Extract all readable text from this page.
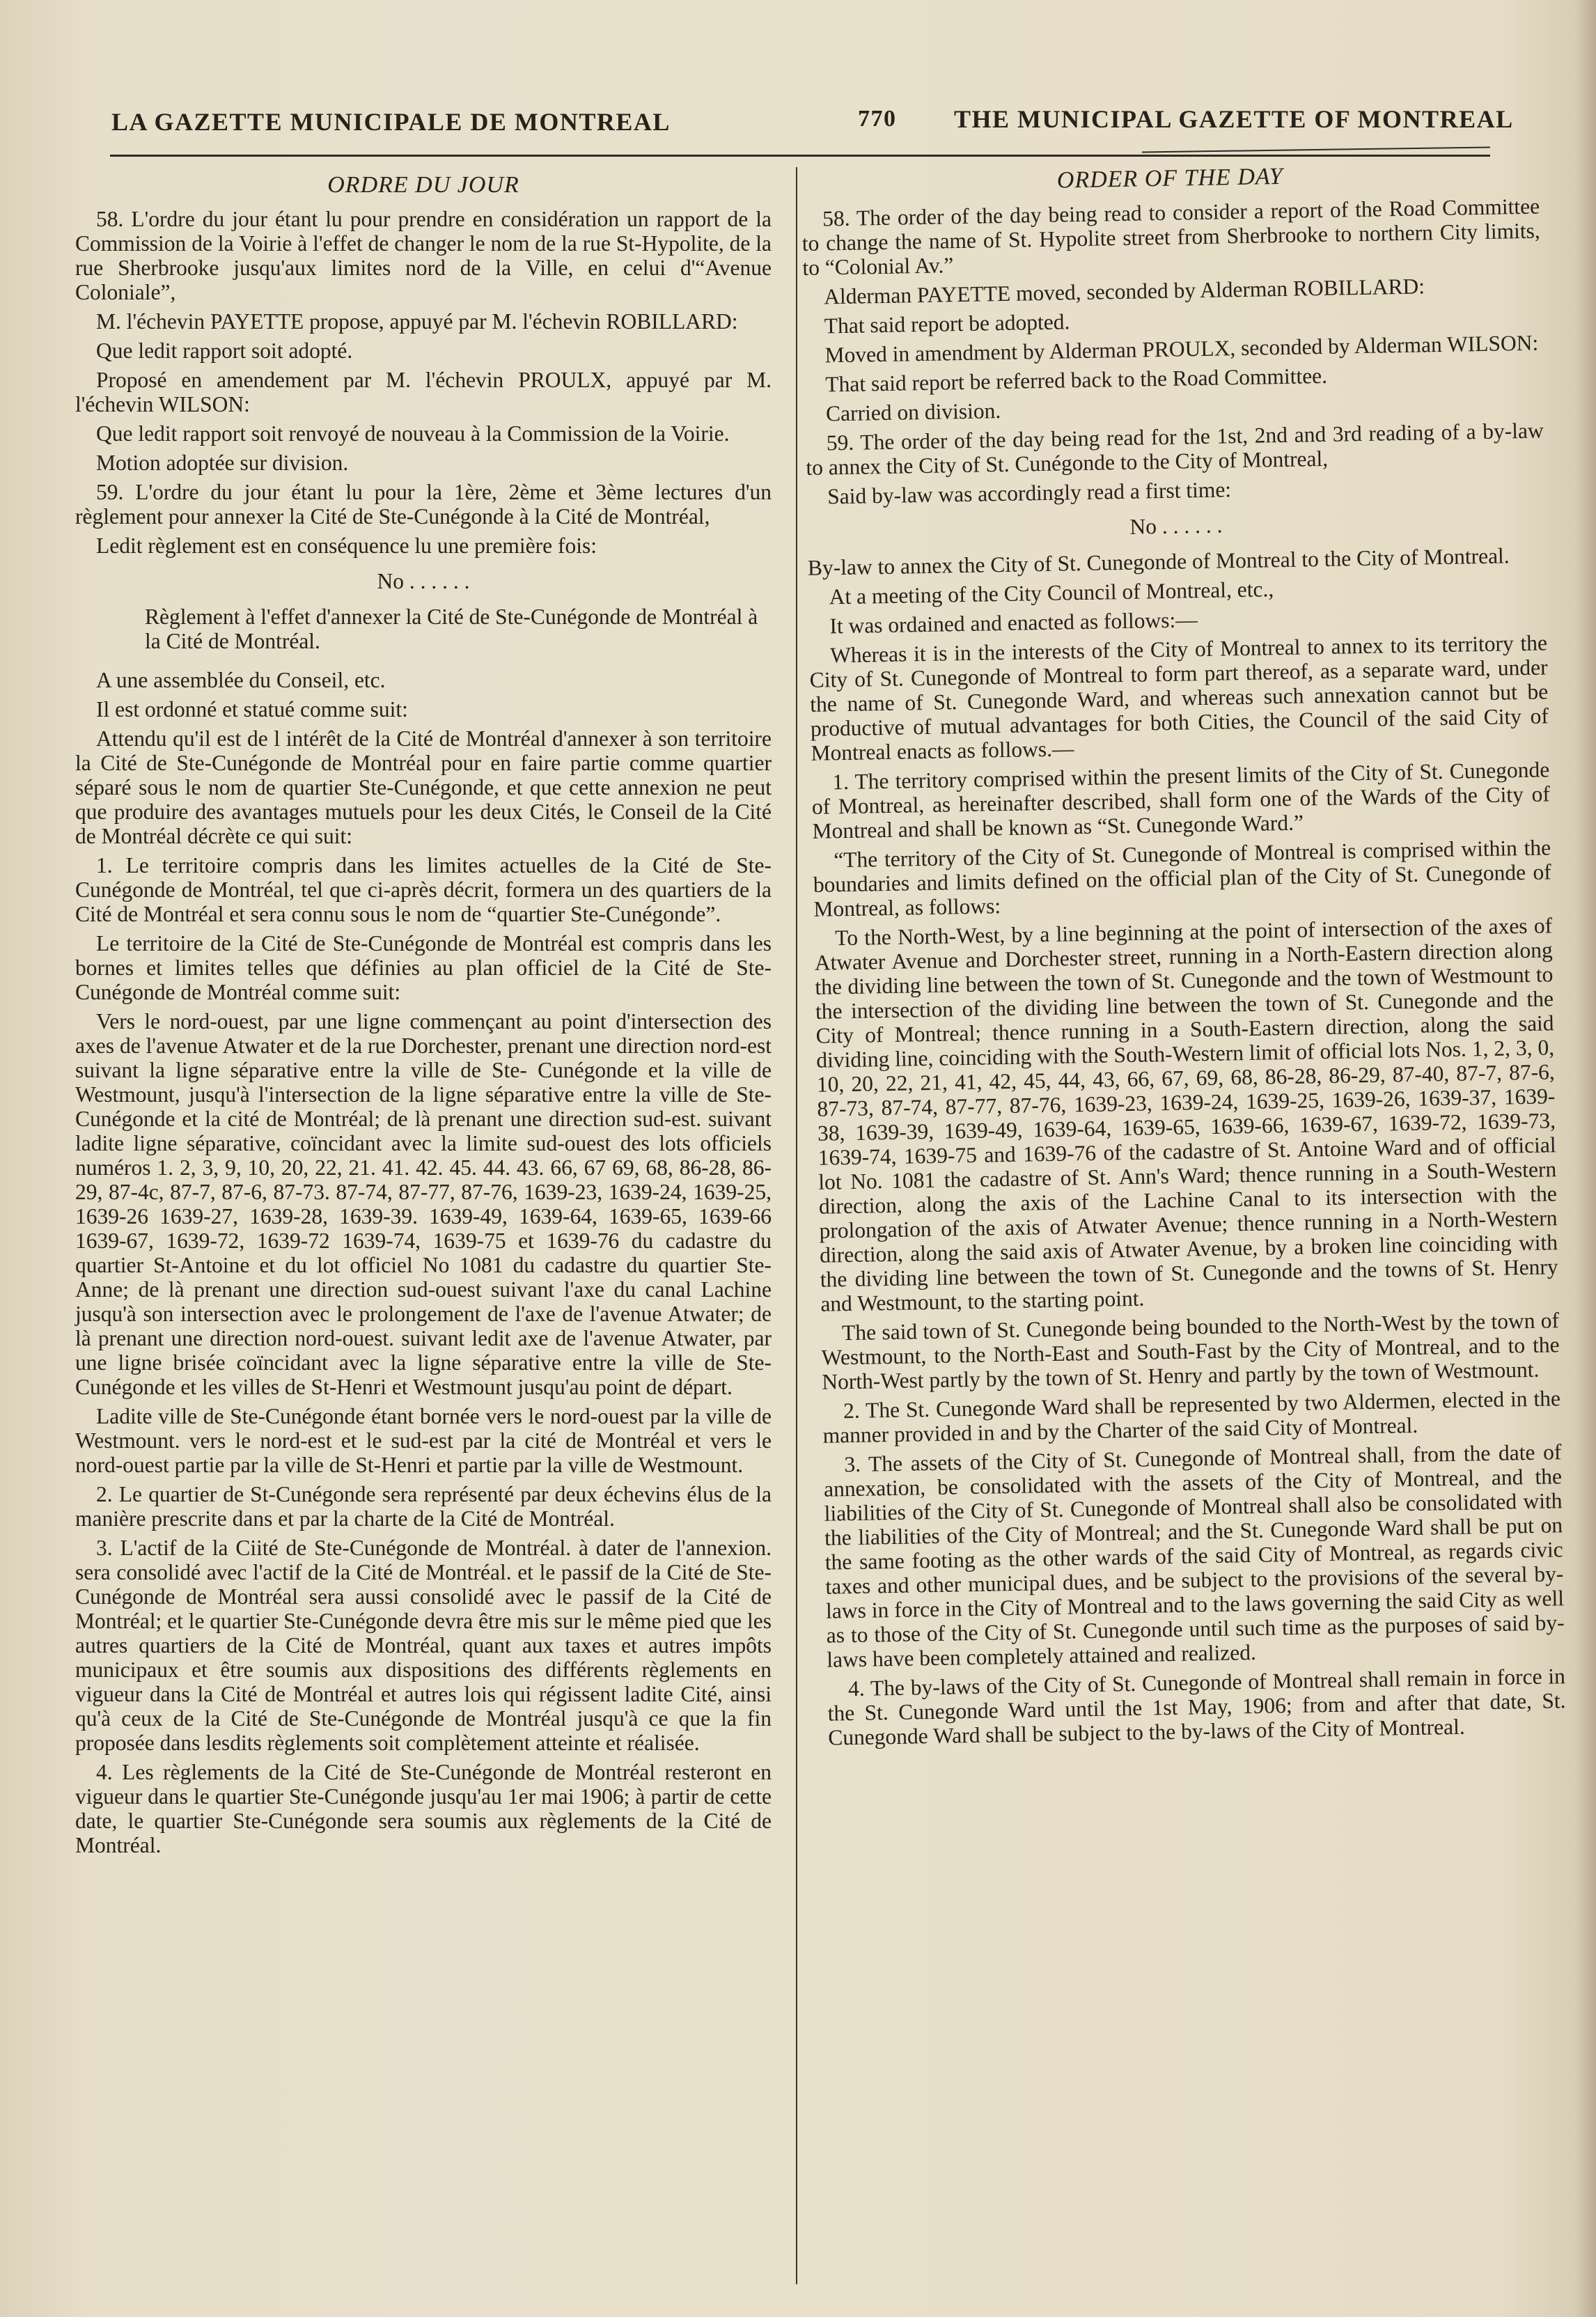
LA GAZETTE MUNICIPALE DE MONTREAL	770 THE MUNICIPAL GAZETTE OF MONTREAL
ORDRE DU JOUR

58. L'ordre du jour étant lu pour prendre en considération un rapport de la Commission de la Voirie à l'effet de changer le nom de la rue St-Hypolite, de la rue Sherbrooke jusqu'aux limites nord de la Ville, en celui d'“Avenue Coloniale”,

M. l'échevin PAYETTE propose, appuyé par M. l'échevin ROBILLARD:

Que ledit rapport soit adopté.

Proposé en amendement par M. l'échevin PROULX, appuyé par M. l'échevin WILSON:

Que ledit rapport soit renvoyé de nouveau à la Commission de la Voirie.

Motion adoptée sur division.

59. L'ordre du jour étant lu pour la 1ère, 2ème et 3ème lectures d'un règlement pour annexer la Cité de Ste-Cunégonde à la Cité de Montréal,

Ledit règlement est en conséquence lu une première fois:

No . . . . . .

Règlement à l'effet d'annexer la Cité de Ste-Cunégonde de Montréal à la Cité de Montréal.

A une assemblée du Conseil, etc.

Il est ordonné et statué comme suit:

Attendu qu'il est de l intérêt de la Cité de Montréal d'annexer à son territoire la Cité de Ste-Cunégonde de Montréal pour en faire partie comme quartier séparé sous le nom de quartier Ste-Cunégonde, et que cette annexion ne peut que produire des avantages mutuels pour les deux Cités, le Conseil de la Cité de Montréal décrète ce qui suit:

1. Le territoire compris dans les limites actuelles de la Cité de Ste-Cunégonde de Montréal, tel que ci-après décrit, formera un des quartiers de la Cité de Montréal et sera connu sous le nom de “quartier Ste-Cunégonde”.

Le territoire de la Cité de Ste-Cunégonde de Montréal est compris dans les bornes et limites telles que définies au plan officiel de la Cité de Ste-Cunégonde de Montréal comme suit:

Vers le nord-ouest, par une ligne commençant au point d'intersection des axes de l'avenue Atwater et de la rue Dorchester, prenant une direction nord-est suivant la ligne séparative entre la ville de Ste- Cunégonde et la ville de Westmount, jusqu'à l'intersection de la ligne séparative entre la ville de Ste-Cunégonde et la cité de Montréal; de là prenant une direction sud-est. suivant ladite ligne séparative, coïncidant avec la limite sud-ouest des lots officiels numéros 1. 2, 3, 9, 10, 20, 22, 21. 41. 42. 45. 44. 43. 66, 67 69, 68, 86-28, 86-29, 87-4c, 87-7, 87-6, 87-73. 87-74, 87-77, 87-76, 1639-23, 1639-24, 1639-25, 1639-26 1639-27, 1639-28, 1639-39. 1639-49, 1639-64, 1639-65, 1639-66 1639-67, 1639-72, 1639-72 1639-74, 1639-75 et 1639-76 du cadastre du quartier St-Antoine et du lot officiel No 1081 du cadastre du quartier Ste-Anne; de là prenant une direction sud-ouest suivant l'axe du canal Lachine jusqu'à son intersection avec le prolongement de l'axe de l'avenue Atwater; de là prenant une direction nord-ouest. suivant ledit axe de l'avenue Atwater, par une ligne brisée coïncidant avec la ligne séparative entre la ville de Ste-Cunégonde et les villes de St-Henri et Westmount jusqu'au point de départ.

Ladite ville de Ste-Cunégonde étant bornée vers le nord-ouest par la ville de Westmount. vers le nord-est et le sud-est par la cité de Montréal et vers le nord-ouest partie par la ville de St-Henri et partie par la ville de Westmount.

2. Le quartier de St-Cunégonde sera représenté par deux échevins élus de la manière prescrite dans et par la charte de la Cité de Montréal.

3. L'actif de la Ciité de Ste-Cunégonde de Montréal. à dater de l'annexion. sera consolidé avec l'actif de la Cité de Montréal. et le passif de la Cité de Ste-Cunégonde de Montréal sera aussi consolidé avec le passif de la Cité de Montréal; et le quartier Ste-Cunégonde devra être mis sur le même pied que les autres quartiers de la Cité de Montréal, quant aux taxes et autres impôts municipaux et être soumis aux dispositions des différents règlements en vigueur dans la Cité de Montréal et autres lois qui régissent ladite Cité, ainsi qu'à ceux de la Cité de Ste-Cunégonde de Montréal jusqu'à ce que la fin proposée dans lesdits règlements soit complètement atteinte et réalisée.

4. Les règlements de la Cité de Ste-Cunégonde de Montréal resteront en vigueur dans le quartier Ste-Cunégonde jusqu'au 1er mai 1906; à partir de cette date, le quartier Ste-Cunégonde sera soumis aux règlements de la Cité de Montréal.

ORDER OF THE DAY

58. The order of the day being read to consider a report of the Road Committee to change the name of St. Hypolite street from Sherbrooke to northern City limits, to “Colonial Av.”

Alderman PAYETTE moved, seconded by Alderman ROBILLARD:

That said report be adopted.

Moved in amendment by Alderman PROULX, seconded by Alderman WILSON:

That said report be referred back to the Road Committee.

Carried on division.

59. The order of the day being read for the 1st, 2nd and 3rd reading of a by-law to annex the City of St. Cunégonde to the City of Montreal,

Said by-law was accordingly read a first time:

No . . . . . .

By-law to annex the City of St. Cunegonde of Montreal to the City of Montreal.

At a meeting of the City Council of Montreal, etc.,

It was ordained and enacted as follows:—

Whereas it is in the interests of the City of Montreal to annex to its territory the City of St. Cunegonde of Montreal to form part thereof, as a separate ward, under the name of St. Cunegonde Ward, and whereas such annexation cannot but be productive of mutual advantages for both Cities, the Council of the said City of Montreal enacts as follows.—

1. The territory comprised within the present limits of the City of St. Cunegonde of Montreal, as hereinafter described, shall form one of the Wards of the City of Montreal and shall be known as “St. Cunegonde Ward.”

“The territory of the City of St. Cunegonde of Montreal is comprised within the boundaries and limits defined on the official plan of the City of St. Cunegonde of Montreal, as follows:

To the North-West, by a line beginning at the point of intersection of the axes of Atwater Avenue and Dorchester street, running in a North-Eastern direction along the dividing line between the town of St. Cunegonde and the town of Westmount to the intersection of the dividing line between the town of St. Cunegonde and the City of Montreal; thence running in a South-Eastern direction, along the said dividing line, coinciding with the South-Western limit of official lots Nos. 1, 2, 3, 0, 10, 20, 22, 21, 41, 42, 45, 44, 43, 66, 67, 69, 68, 86-28, 86-29, 87-40, 87-7, 87-6, 87-73, 87-74, 87-77, 87-76, 1639-23, 1639-24, 1639-25, 1639-26, 1639-37, 1639-38, 1639-39, 1639-49, 1639-64, 1639-65, 1639-66, 1639-67, 1639-72, 1639-73, 1639-74, 1639-75 and 1639-76 of the cadastre of St. Antoine Ward and of official lot No. 1081 the cadastre of St. Ann's Ward; thence running in a South-Western direction, along the axis of the Lachine Canal to its intersection with the prolongation of the axis of Atwater Avenue; thence running in a North-Western direction, along the said axis of Atwater Avenue, by a broken line coinciding with the dividing line between the town of St. Cunegonde and the towns of St. Henry and Westmount, to the starting point.

The said town of St. Cunegonde being bounded to the North-West by the town of Westmount, to the North-East and South-Fast by the City of Montreal, and to the North-West partly by the town of St. Henry and partly by the town of Westmount.

2. The St. Cunegonde Ward shall be represented by two Aldermen, elected in the manner provided in and by the Charter of the said City of Montreal.

3. The assets of the City of St. Cunegonde of Montreal shall, from the date of annexation, be consolidated with the assets of the City of Montreal, and the liabilities of the City of St. Cunegonde of Montreal shall also be consolidated with the liabilities of the City of Montreal; and the St. Cunegonde Ward shall be put on the same footing as the other wards of the said City of Montreal, as regards civic taxes and other municipal dues, and be subject to the provisions of the several by-laws in force in the City of Montreal and to the laws governing the said City as well as to those of the City of St. Cunegonde until such time as the purposes of said by-laws have been completely attained and realized.

4. The by-laws of the City of St. Cunegonde of Montreal shall remain in force in the St. Cunegonde Ward until the 1st May, 1906; from and after that date, St. Cunegonde Ward shall be subject to the by-laws of the City of Montreal.
